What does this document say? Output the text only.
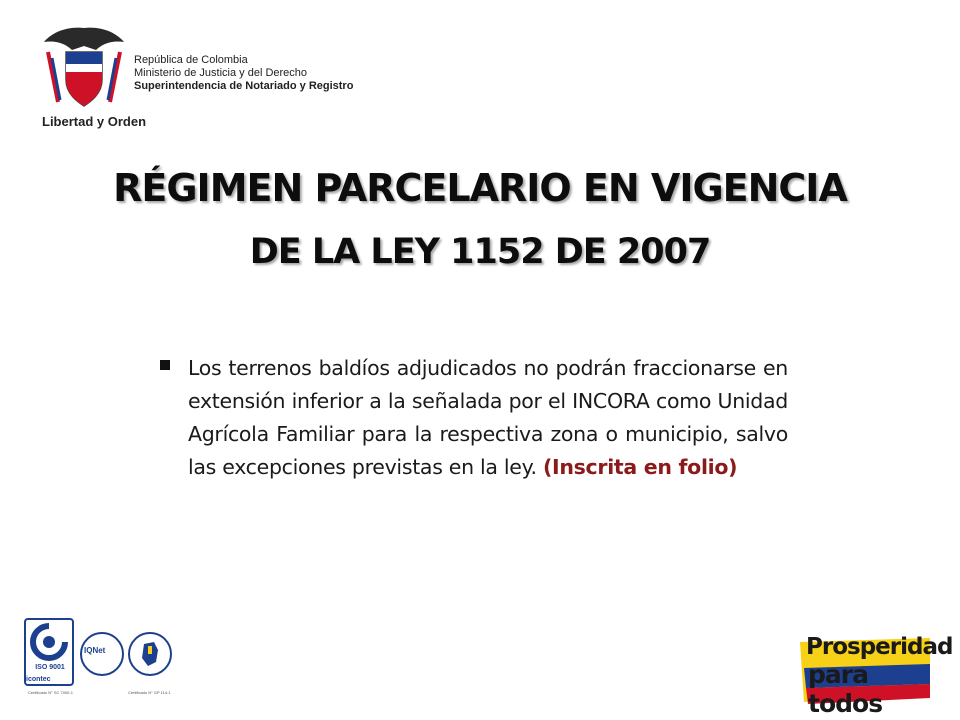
Libertad y Orden
República de Colombia
Ministerio de Justicia y del Derecho
Superintendencia de Notariado y Registro
RÉGIMEN PARCELARIO EN VIGENCIA
DE LA LEY 1152 DE 2007
Los terrenos baldíos adjudicados no podrán fraccionarse en extensión inferior a la señalada por el INCORA como Unidad Agrícola Familiar para la respectiva zona o municipio, salvo las excepciones previstas en la ley. (Inscrita en folio)
ISO 9001
icontec
IQNet
Certificado N° SC 7000-1	Certificado N° GP 114-1
Prosperidad
para todos
